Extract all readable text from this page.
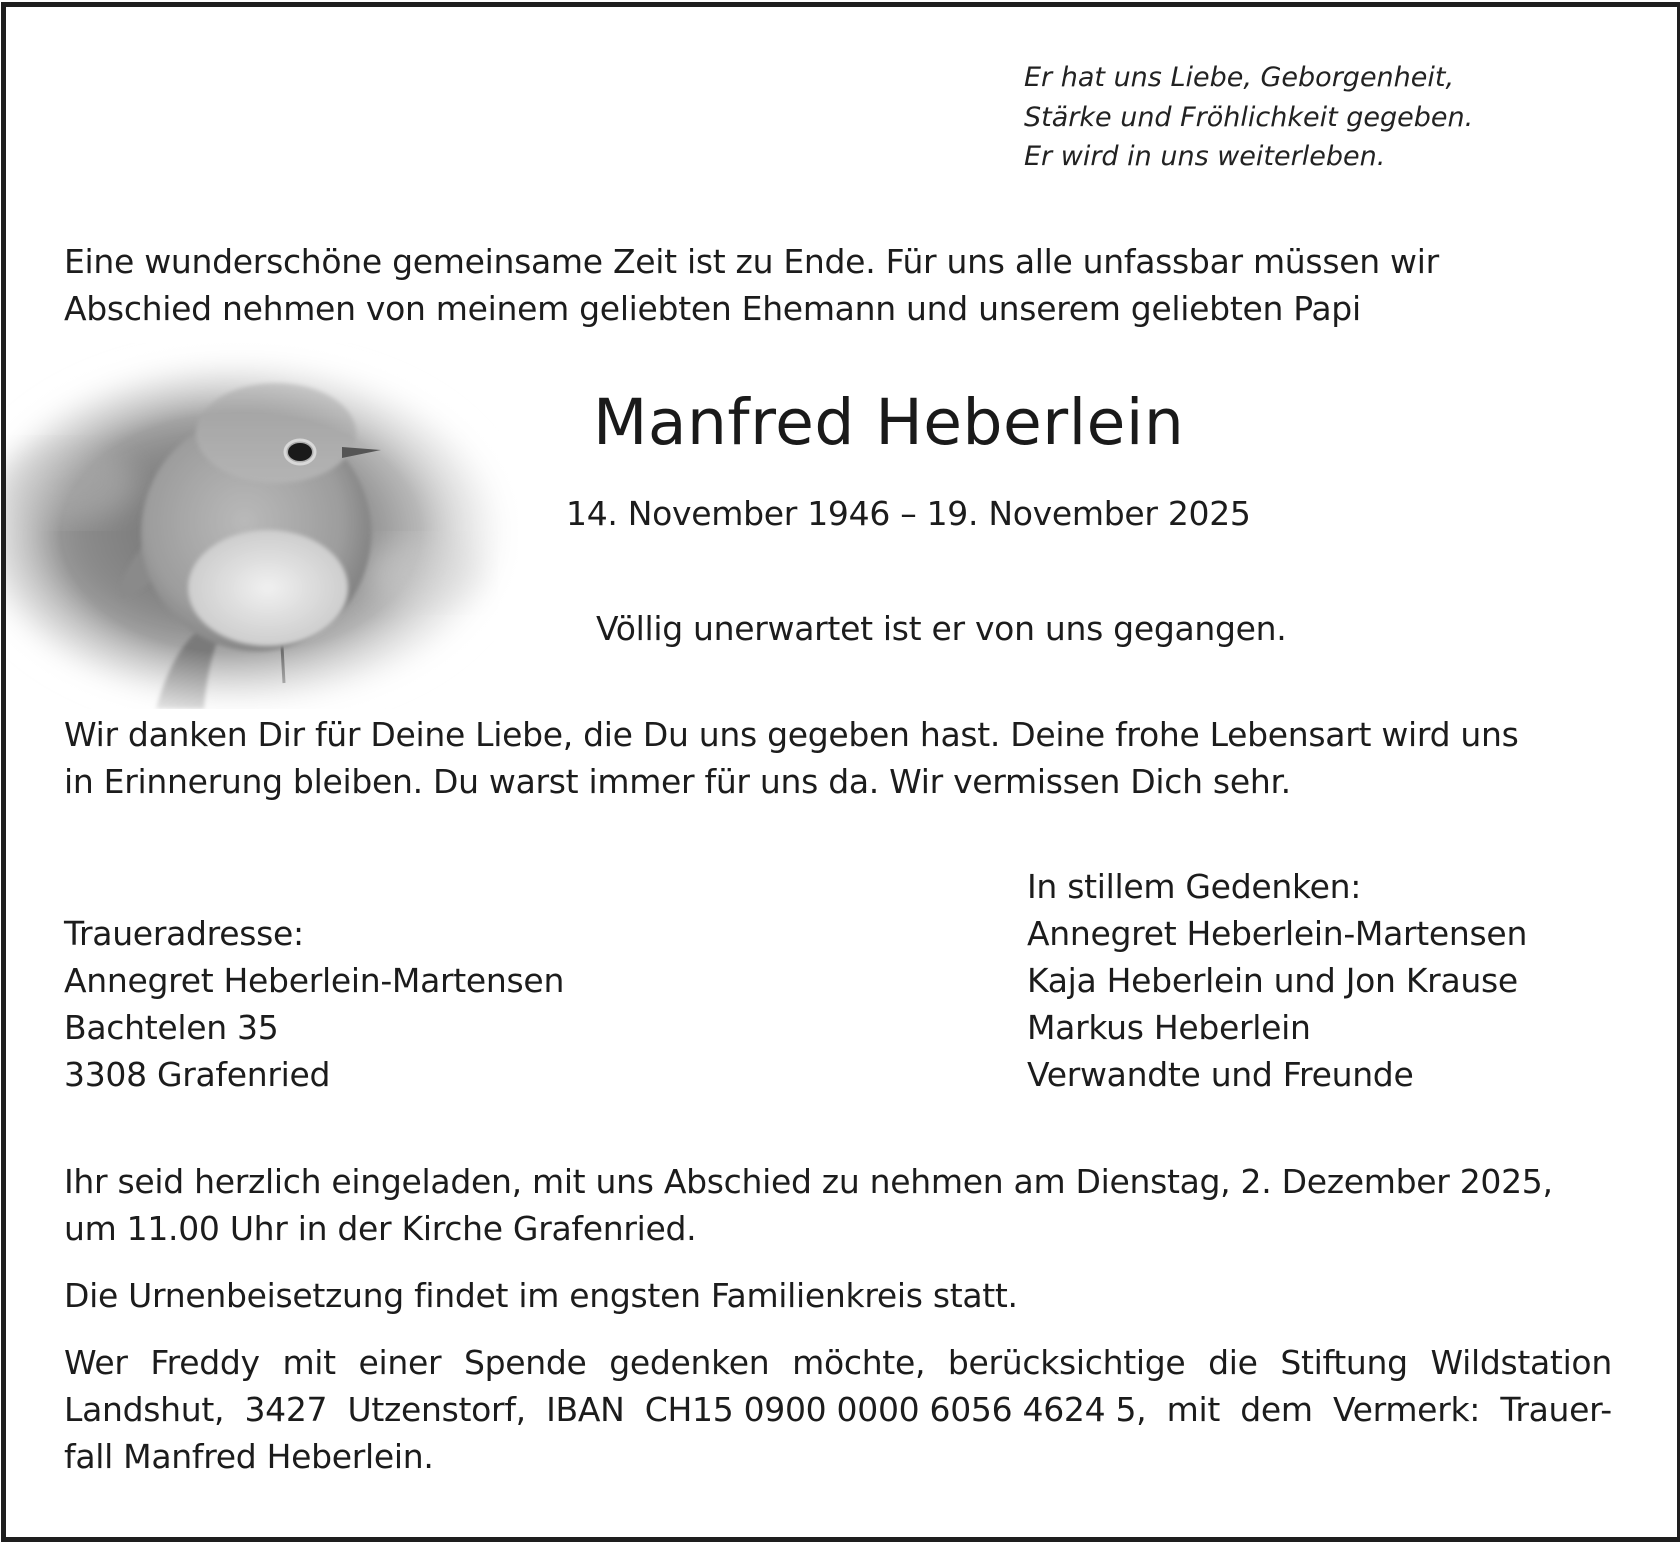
Er hat uns Liebe, Geborgenheit,
Stärke und Fröhlichkeit gegeben.
Er wird in uns weiterleben.
Eine wunderschöne gemeinsame Zeit ist zu Ende. Für uns alle unfassbar müssen wir
Abschied nehmen von meinem geliebten Ehemann und unserem geliebten Papi
Manfred Heberlein
14. November 1946 – 19. November 2025
Völlig unerwartet ist er von uns gegangen.
Wir danken Dir für Deine Liebe, die Du uns gegeben hast. Deine frohe Lebensart wird uns
in Erinnerung bleiben. Du warst immer für uns da. Wir vermissen Dich sehr.
Traueradresse:
Annegret Heberlein-Martensen
Bachtelen 35
3308 Grafenried
In stillem Gedenken:
Annegret Heberlein-Martensen
Kaja Heberlein und Jon Krause
Markus Heberlein
Verwandte und Freunde
Ihr seid herzlich eingeladen, mit uns Abschied zu nehmen am Dienstag, 2. Dezember 2025,
um 11.00 Uhr in der Kirche Grafenried.
Die Urnenbeisetzung findet im engsten Familienkreis statt.
Wer Freddy mit einer Spende gedenken möchte, berücksichtige die Stiftung Wildstation
Landshut, 3427 Utzenstorf, IBAN CH15 0900 0000 6056 4624 5, mit dem Vermerk: Trauer-
fall Manfred Heberlein.
